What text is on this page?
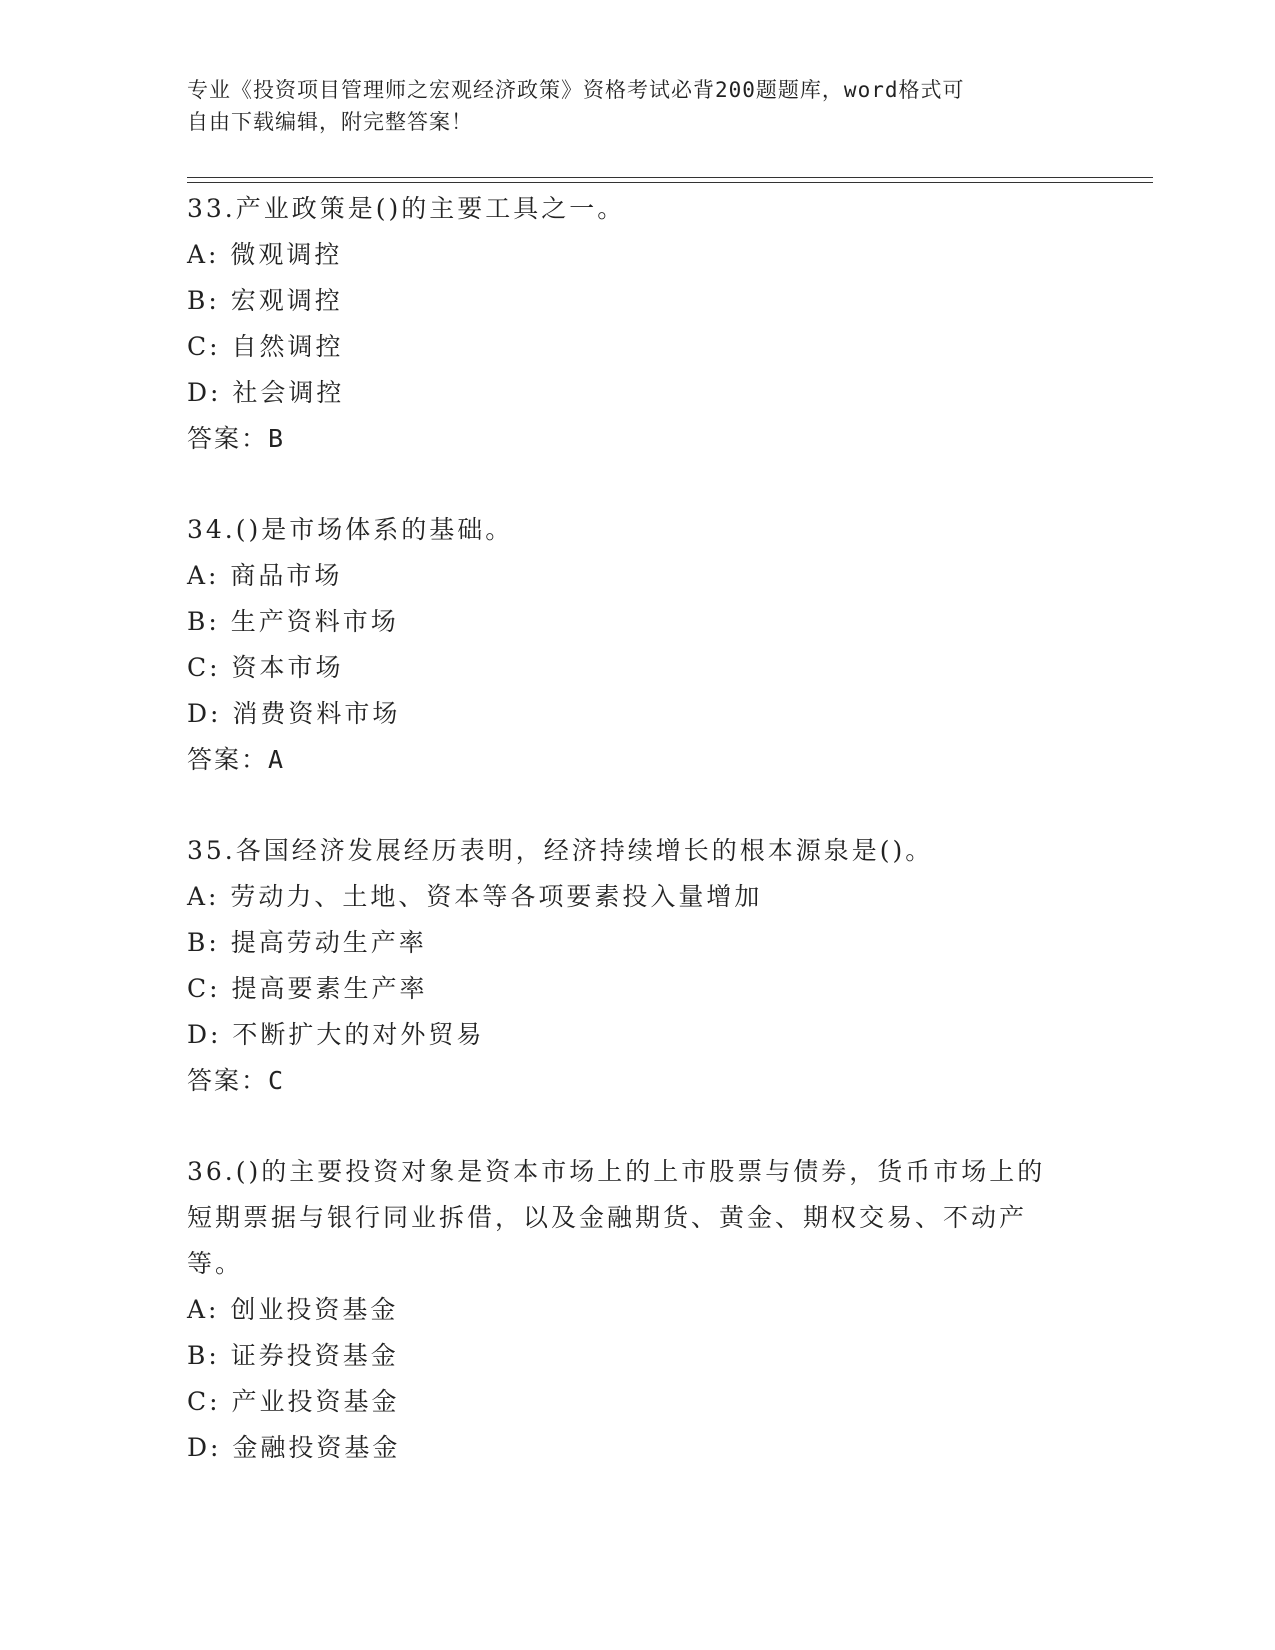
专业《投资项目管理师之宏观经济政策》资格考试必背200题题库，word格式可
自由下载编辑，附完整答案！
33.产业政策是()的主要工具之一。
A: 微观调控
B: 宏观调控
C: 自然调控
D: 社会调控
答案：B
34.()是市场体系的基础。
A: 商品市场
B: 生产资料市场
C: 资本市场
D: 消费资料市场
答案：A
35.各国经济发展经历表明，经济持续增长的根本源泉是()。
A: 劳动力、土地、资本等各项要素投入量增加
B: 提高劳动生产率
C: 提高要素生产率
D: 不断扩大的对外贸易
答案：C
36.()的主要投资对象是资本市场上的上市股票与债券，货币市场上的
短期票据与银行同业拆借，以及金融期货、黄金、期权交易、不动产
等。
A: 创业投资基金
B: 证券投资基金
C: 产业投资基金
D: 金融投资基金
